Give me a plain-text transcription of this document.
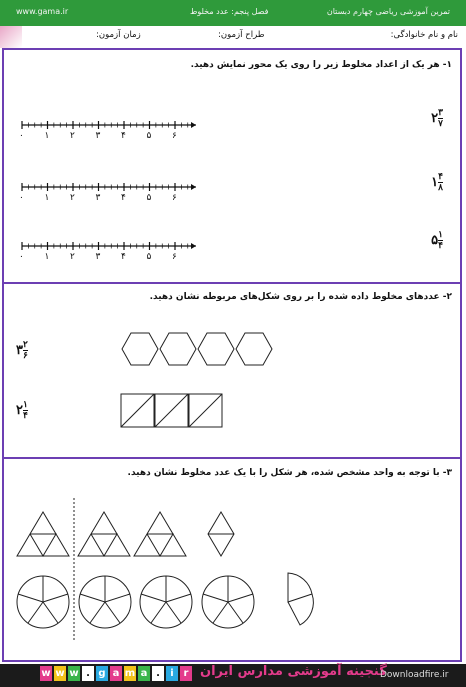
www.gama.ir	فصل پنجم: عدد مخلوط	تمرین آموزشی ریاضی چهارم دبستان
نام و نام خانوادگی:
طراح آزمون:
زمان آزمون:
۱- هر یک از اعداد مخلوط زیر را روی یک محور نمایش دهید.
۲ ۳
۷
۱ ۴
۸
۵ ۱
۴
۰ ۱ ۲ ۳ ۴ ۵ ۶
۰ ۱ ۲ ۳ ۴ ۵ ۶
۰ ۱ ۲ ۳ ۴ ۵ ۶
۲- عددهای مخلوط داده شده را بر روی شکل‌های مربوطه نشان دهید.
۳ ۲
۶
۲ ۱
۴
۳- با توجه به واحد مشخص شده، هر شکل را با یک عدد مخلوط نشان دهید.
w w w . g a m a .	i r گنجینه آموزشی مدارس ایران
Downloadfire.ir
